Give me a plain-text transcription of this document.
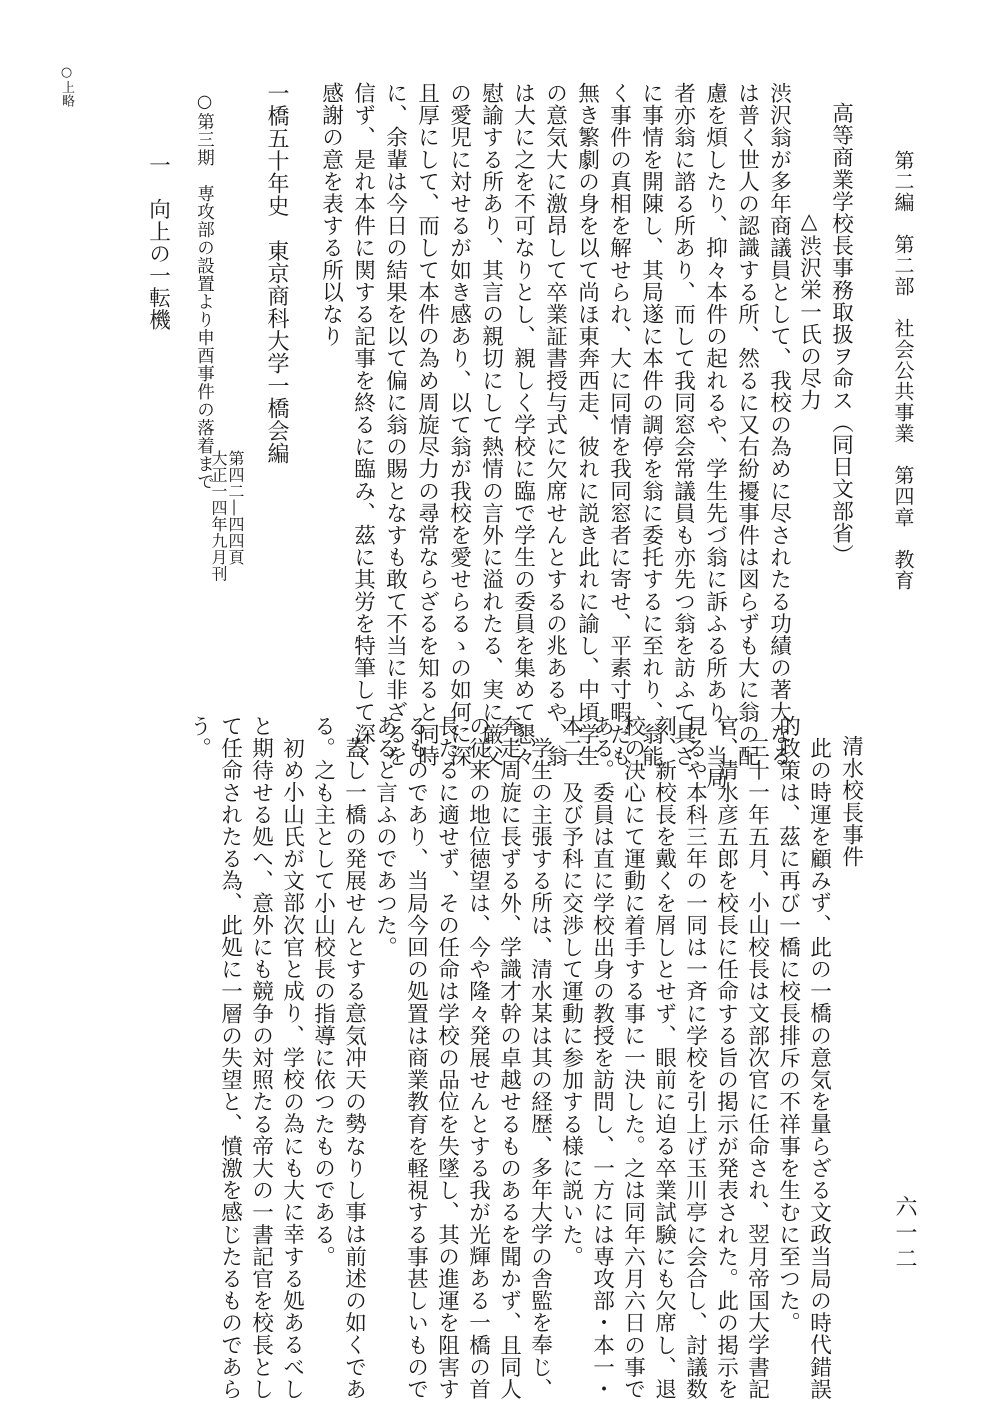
第二編　第二部　社会公共事業　第四章　教育
六一二
高等商業学校長事務取扱ヲ命ス（同日文部省）
△渋沢栄一氏の尽力
渋沢翁が多年商議員として、我校の為めに尽されたる功績の著大なる
は普く世人の認識する所、然るに又右紛擾事件は図らずも大に翁の配
慮を煩したり、抑々本件の起れるや、学生先づ翁に訴ふる所あり、当局
者亦翁に諮る所あり、而して我同窓会常議員も亦先つ翁を訪ふて具さ
に事情を開陳し、其局遂に本件の調停を翁に委托するに至れり、翁能
く事件の真相を解せられ、大に同情を我同窓者に寄せ、平素寸暇だも
無き繁劇の身を以て尚ほ東奔西走、彼れに説き此れに諭し、中頃学生
の意気大に激昂して卒業証書授与式に欠席せんとするの兆あるや、翁
は大に之を不可なりとし、親しく学校に臨で学生の委員を集めて懇々
慰諭する所あり、其言の親切にして熱情の言外に溢れたる、実に厳父
の愛児に対せるが如き感あり、以て翁が我校を愛せらるゝの如何に深
且厚にして、而して本件の為め周旋尽力の尋常ならざるを知ると同時
に、余輩は今日の結果を以て偏に翁の賜となすも敢て不当に非ざるを
信ず、是れ本件に関する記事を終るに臨み、茲に其労を特筆して深く
感謝の意を表する所以なり
一橋五十年史　東京商科大学一橋会編
第四二―四四頁
大正一四年九月刊
○第三期　専攻部の設置より申酉事件の落着まで
一　向上の一転機
○上略
清水校長事件
此の時運を顧みず、此の一橋の意気を量らざる文政当局の時代錯誤
的政策は、茲に再び一橋に校長排斥の不祥事を生むに至つた。
三十一年五月、小山校長は文部次官に任命され、翌月帝国大学書記
官、清水彦五郎を校長に任命する旨の掲示が発表された。此の掲示を
見るや本科三年の一同は一斉に学校を引上げ玉川亭に会合し、討議数
刻、新校長を戴くを屑しとせず、眼前に迫る卒業試験にも欠席し、退
校の決心にて運動に着手する事に一決した。之は同年六月六日の事で
ある。委員は直に学校出身の教授を訪問し、一方には専攻部・本一・
本二、及び予科に交渉して運動に参加する様に説いた。
学生の主張する所は、清水某は其の経歴、多年大学の舎監を奉じ、
奔走周旋に長ずる外、学識才幹の卓越せるものあるを聞かず、且同人
の従来の地位徳望は、今や隆々発展せんとする我が光輝ある一橋の首
長たるに適せず、その任命は学校の品位を失墜し、其の進運を阻害す
るものであり、当局今回の処置は商業教育を軽視する事甚しいもので
あると言ふのであつた。
蓋し一橋の発展せんとする意気冲天の勢なりし事は前述の如くであ
る。之も主として小山校長の指導に依つたものである。
初め小山氏が文部次官と成り、学校の為にも大に幸する処あるべし
と期待せる処へ、意外にも競争の対照たる帝大の一書記官を校長とし
て任命されたる為、此処に一層の失望と、憤激を感じたるものであら
う。
